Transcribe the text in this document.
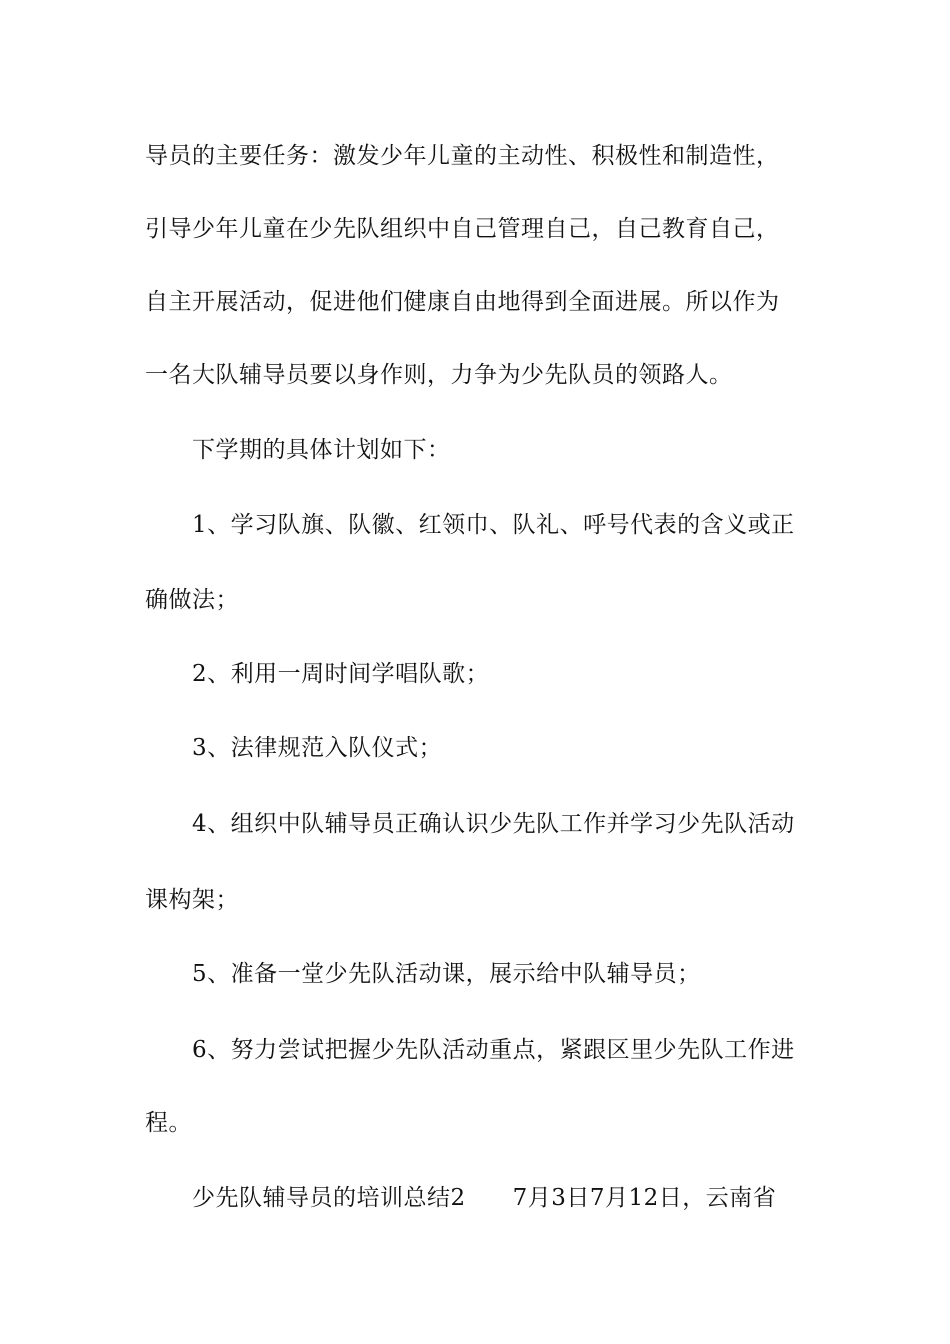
导员的主要任务：激发少年儿童的主动性、积极性和制造性，
引导少年儿童在少先队组织中自己管理自己，自己教育自己，
自主开展活动，促进他们健康自由地得到全面进展。所以作为
一名大队辅导员要以身作则，力争为少先队员的领路人。
下学期的具体计划如下：
1、学习队旗、队徽、红领巾、队礼、呼号代表的含义或正
确做法；
2、利用一周时间学唱队歌；
3、法律规范入队仪式；
4、组织中队辅导员正确认识少先队工作并学习少先队活动
课构架；
5、准备一堂少先队活动课，展示给中队辅导员；
6、努力尝试把握少先队活动重点，紧跟区里少先队工作进
程。
少先队辅导员的培训总结2　　7月3日7月12日，云南省
